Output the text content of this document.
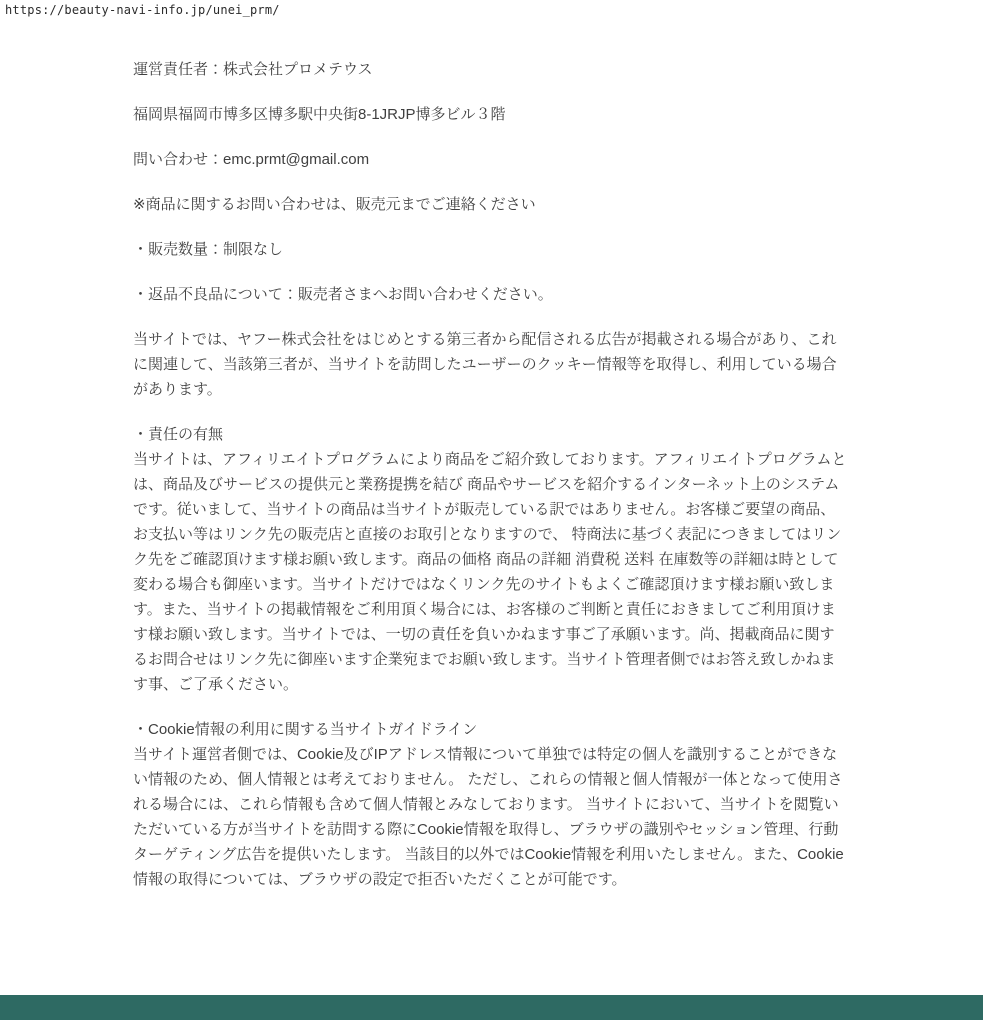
https://beauty-navi-info.jp/unei_prm/

運営責任者：株式会社プロメテウス

福岡県福岡市博多区博多駅中央街8-1JRJP博多ビル３階

問い合わせ：emc.prmt@gmail.com

※商品に関するお問い合わせは、販売元までご連絡ください

・販売数量：制限なし

・返品不良品について：販売者さまへお問い合わせください。

当サイトでは、ヤフー株式会社をはじめとする第三者から配信される広告が掲載される場合があり、これに関連して、当該第三者が、当サイトを訪問したユーザーのクッキー情報等を取得し、利用している場合があります。

・責任の有無
当サイトは、アフィリエイトプログラムにより商品をご紹介致しております。アフィリエイトプログラムとは、商品及びサービスの提供元と業務提携を結び 商品やサービスを紹介するインターネット上のシステムです。従いまして、当サイトの商品は当サイトが販売している訳ではありません。お客様ご要望の商品、お支払い等はリンク先の販売店と直接のお取引となりますので、 特商法に基づく表記につきましてはリンク先をご確認頂けます様お願い致します。商品の価格 商品の詳細 消費税 送料 在庫数等の詳細は時として変わる場合も御座います。当サイトだけではなくリンク先のサイトもよくご確認頂けます様お願い致します。また、当サイトの掲載情報をご利用頂く場合には、お客様のご判断と責任におきましてご利用頂けます様お願い致します。当サイトでは、一切の責任を負いかねます事ご了承願います。尚、掲載商品に関するお問合せはリンク先に御座います企業宛までお願い致します。当サイト管理者側ではお答え致しかねます事、ご了承ください。
・Cookie情報の利用に関する当サイトガイドライン
当サイト運営者側では、Cookie及びIPアドレス情報について単独では特定の個人を識別することができない情報のため、個人情報とは考えておりません。 ただし、これらの情報と個人情報が一体となって使用される場合には、これら情報も含めて個人情報とみなしております。 当サイトにおいて、当サイトを閲覧いただいている方が当サイトを訪問する際にCookie情報を取得し、ブラウザの識別やセッション管理、行動ターゲティング広告を提供いたします。 当該目的以外ではCookie情報を利用いたしません。また、Cookie情報の取得については、ブラウザの設定で拒否いただくことが可能です。
